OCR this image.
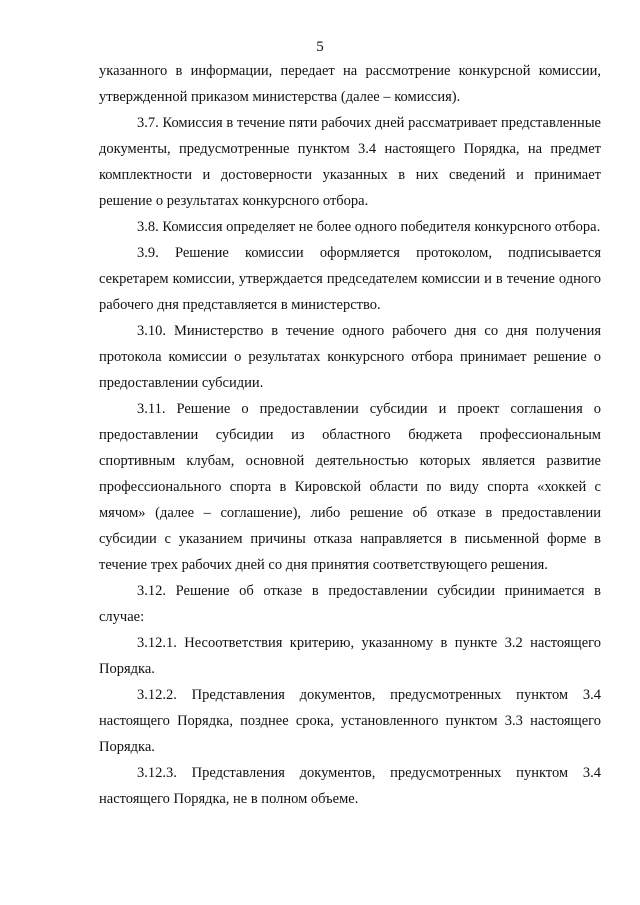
5

указанного в информации, передает на рассмотрение конкурсной комиссии, утвержденной приказом министерства (далее – комиссия).

3.7. Комиссия в течение пяти рабочих дней рассматривает представленные документы, предусмотренные пунктом 3.4 настоящего Порядка, на предмет комплектности и достоверности указанных в них сведений и принимает решение о результатах конкурсного отбора.

3.8. Комиссия определяет не более одного победителя конкурсного отбора.

3.9. Решение комиссии оформляется протоколом, подписывается секретарем комиссии, утверждается председателем комиссии и в течение одного рабочего дня представляется в министерство.

3.10. Министерство в течение одного рабочего дня со дня получения протокола комиссии о результатах конкурсного отбора принимает решение о предоставлении субсидии.

3.11. Решение о предоставлении субсидии и проект соглашения о предоставлении субсидии из областного бюджета профессиональным спортивным клубам, основной деятельностью которых является развитие профессионального спорта в Кировской области по виду спорта «хоккей с мячом» (далее – соглашение), либо решение об отказе в предоставлении субсидии с указанием причины отказа направляется в письменной форме в течение трех рабочих дней со дня принятия соответствующего решения.

3.12. Решение об отказе в предоставлении субсидии принимается в случае:

3.12.1. Несоответствия критерию, указанному в пункте 3.2 настоящего Порядка.

3.12.2. Представления документов, предусмотренных пунктом 3.4 настоящего Порядка, позднее срока, установленного пунктом 3.3 настоящего Порядка.

3.12.3. Представления документов, предусмотренных пунктом 3.4 настоящего Порядка, не в полном объеме.
